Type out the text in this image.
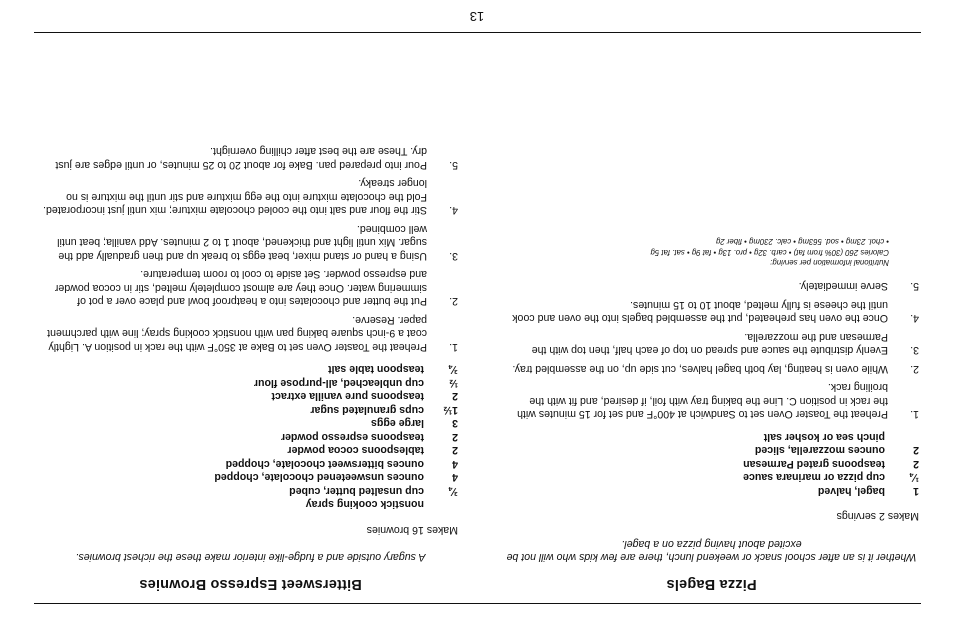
Pizza Bagels

Whether it is an after school snack or weekend lunch, there are few kids who will not be excited about having pizza on a bagel.

Makes 2 servings

1
bagel, halved
¼
cup pizza or marinara sauce
2
teaspoons grated Parmesan
2
ounces mozzarella, sliced
pinch sea or kosher salt
1.
Preheat the Toaster Oven set to Sandwich at 400°F and set for 15 minutes with the rack in position C. Line the baking tray with foil, if desired, and fit with the broiling rack.
2.
While oven is heating, lay both bagel halves, cut side up, on the assembled tray.
3.
Evenly distribute the sauce and spread on top of each half, then top with the Parmesan and the mozzarella.
4.
Once the oven has preheated, put the assembled bagels into the oven and cook until the cheese is fully melted, about 10 to 15 minutes.
5.
Serve immediately.
Nutritional information per serving:
Calories 260 (30% from fat) • carb. 32g • pro. 13g • fat 9g • sat. fat 5g
• chol. 23mg • sod. 563mg • calc. 230mg • fiber 2g
Bittersweet Espresso Brownies

A sugary outside and a fudge-like interior make these the richest brownies.

Makes 16 brownies

nonstick cooking spray
¾
cup unsalted butter, cubed
4
ounces unsweetened chocolate, chopped
4
ounces bittersweet chocolate, chopped
2
tablespoons cocoa powder
2
teaspoons espresso powder
3
large eggs
1½
cups granulated sugar
2
teaspoons pure vanilla extract
½
cup unbleached, all-purpose flour
¾
teaspoon table salt
1.
Preheat the Toaster Oven set to Bake at 350°F with the rack in position A. Lightly coat a 9-inch square baking pan with nonstick cooking spray; line with parchment paper. Reserve.
2.
Put the butter and chocolates into a heatproof bowl and place over a pot of simmering water. Once they are almost completely melted, stir in cocoa powder and espresso powder. Set aside to cool to room temperature.
3.
Using a hand or stand mixer, beat eggs to break up and then gradually add the sugar. Mix until light and thickened, about 1 to 2 minutes. Add vanilla; beat until well combined.
4.
Stir the flour and salt into the cooled chocolate mixture; mix until just incorporated. Fold the chocolate mixture into the egg mixture and stir until the mixture is no longer streaky.
5.
Pour into prepared pan. Bake for about 20 to 25 minutes, or until edges are just dry. These are the best after chilling overnight.
13
